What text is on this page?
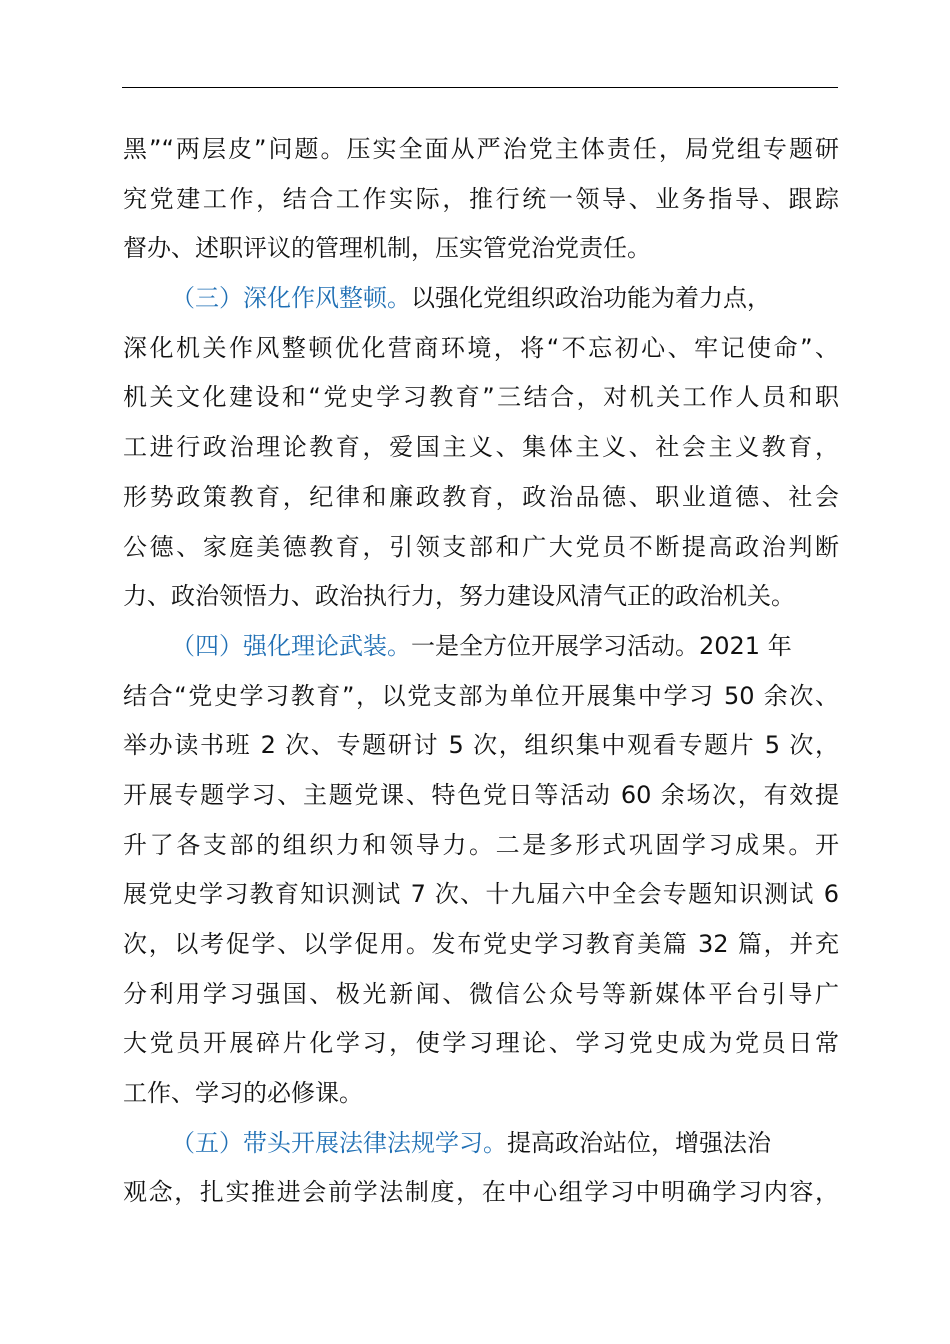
黑”“两层皮”问题。压实全面从严治党主体责任，局党组专题研
究党建工作，结合工作实际，推行统一领导、业务指导、跟踪
督办、述职评议的管理机制，压实管党治党责任。
（三）深化作风整顿。以强化党组织政治功能为着力点，
深化机关作风整顿优化营商环境，将“不忘初心、牢记使命”、
机关文化建设和“党史学习教育”三结合，对机关工作人员和职
工进行政治理论教育，爱国主义、集体主义、社会主义教育，
形势政策教育，纪律和廉政教育，政治品德、职业道德、社会
公德、家庭美德教育，引领支部和广大党员不断提高政治判断
力、政治领悟力、政治执行力，努力建设风清气正的政治机关。
（四）强化理论武装。一是全方位开展学习活动。2021 年
结合“党史学习教育”，以党支部为单位开展集中学习 50 余次、
举办读书班 2 次、专题研讨 5 次，组织集中观看专题片 5 次，
开展专题学习、主题党课、特色党日等活动 60 余场次，有效提
升了各支部的组织力和领导力。二是多形式巩固学习成果。开
展党史学习教育知识测试 7 次、十九届六中全会专题知识测试 6
次，以考促学、以学促用。发布党史学习教育美篇 32 篇，并充
分利用学习强国、极光新闻、微信公众号等新媒体平台引导广
大党员开展碎片化学习，使学习理论、学习党史成为党员日常
工作、学习的必修课。
（五）带头开展法律法规学习。提高政治站位，增强法治
观念，扎实推进会前学法制度，在中心组学习中明确学习内容，
